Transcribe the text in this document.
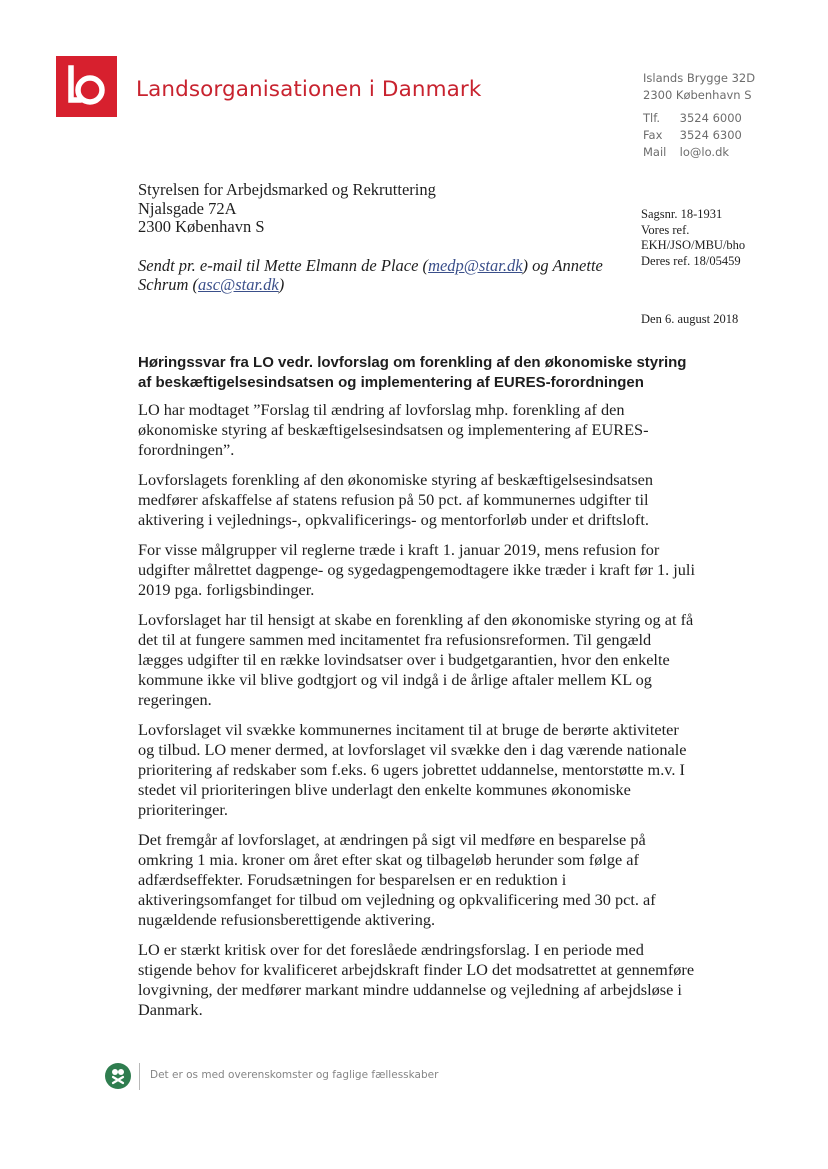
Landsorganisationen i Danmark	Islands Brygge 32D
2300 København S
Tlf. 3524 6000
Fax 3524 6300
Mail lo@lo.dk
Styrelsen for Arbejdsmarked og Rekruttering
Njalsgade 72A
2300 København S
Sendt pr. e-mail til Mette Elmann de Place (medp@star.dk) og Annette Schrum (asc@star.dk)
Sagsnr. 18-1931
Vores ref.
EKH/JSO/MBU/bho
Deres ref. 18/05459
Den 6. august 2018
Høringssvar fra LO vedr. lovforslag om forenkling af den økonomiske styring af beskæftigelsesindsatsen og implementering af EURES-forordningen

LO har modtaget ”Forslag til ændring af lovforslag mhp. forenkling af den økonomiske styring af beskæftigelsesindsatsen og implementering af EURES-forordningen”.

Lovforslagets forenkling af den økonomiske styring af beskæftigelsesindsatsen medfører afskaffelse af statens refusion på 50 pct. af kommunernes udgifter til aktivering i vejlednings-, opkvalificerings- og mentorforløb under et driftsloft.

For visse målgrupper vil reglerne træde i kraft 1. januar 2019, mens refusion for udgifter målrettet dagpenge- og sygedagpengemodtagere ikke træder i kraft før 1. juli 2019 pga. forligsbindinger.

Lovforslaget har til hensigt at skabe en forenkling af den økonomiske styring og at få det til at fungere sammen med incitamentet fra refusionsreformen. Til gengæld lægges udgifter til en række lovindsatser over i budgetgarantien, hvor den enkelte kommune ikke vil blive godtgjort og vil indgå i de årlige aftaler mellem KL og regeringen.

Lovforslaget vil svække kommunernes incitament til at bruge de berørte aktiviteter og tilbud. LO mener dermed, at lovforslaget vil svække den i dag værende nationale prioritering af redskaber som f.eks. 6 ugers jobrettet uddannelse, mentorstøtte m.v. I stedet vil prioriteringen blive underlagt den enkelte kommunes økonomiske prioriteringer.

Det fremgår af lovforslaget, at ændringen på sigt vil medføre en besparelse på omkring 1 mia. kroner om året efter skat og tilbageløb herunder som følge af adfærdseffekter. Forudsætningen for besparelsen er en reduktion i aktiveringsomfanget for tilbud om vejledning og opkvalificering med 30 pct. af nugældende refusionsberettigende aktivering.

LO er stærkt kritisk over for det foreslåede ændringsforslag. I en periode med stigende behov for kvalificeret arbejdskraft finder LO det modsatrettet at gennemføre lovgivning, der medfører markant mindre uddannelse og vejledning af arbejdsløse i Danmark.

Det er os med overenskomster og faglige fællesskaber
